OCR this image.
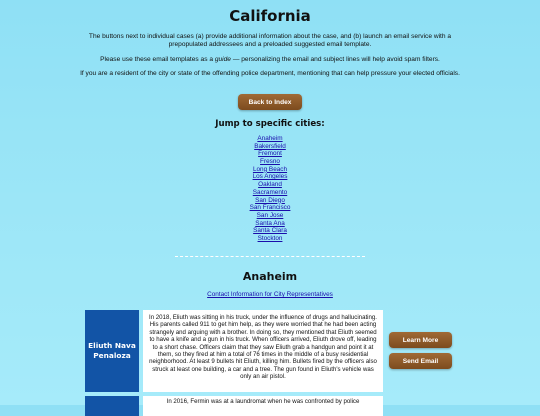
California

The buttons next to individual cases (a) provide additional information about the case, and (b) launch an email service with a prepopulated addressees and a preloaded suggested email template.

Please use these email templates as a guide — personalizing the email and subject lines will help avoid spam filters.

If you are a resident of the city or state of the offending police department, mentioning that can help pressure your elected officials.

Back to Index
Jump to specific cities:
Anaheim
Bakersfield
Fremont
Fresno
Long Beach
Los Angeles
Oakland
Sacramento
San Diego
San Francisco
San Jose
Santa Ana
Santa Clara
Stockton
Anaheim
Contact Information for City Representatives
Eliuth Nava Penaloza
In 2018, Eliuth was sitting in his truck, under the influence of drugs and hallucinating. His parents called 911 to get him help, as they were worried that he had been acting strangely and arguing with a brother. In doing so, they mentioned that Eliuth seemed to have a knife and a gun in his truck. When officers arrived, Eliuth drove off, leading to a short chase. Officers claim that they saw Eliuth grab a handgun and point it at them, so they fired at him a total of 76 times in the middle of a busy residential neighborhood. At least 9 bullets hit Eliuth, killing him. Bullets fired by the officers also struck at least one building, a car and a tree. The gun found in Eliuth's vehicle was only an air pistol.
Learn More
Send Email
In 2016, Fermin was at a laundromat when he was confronted by police
